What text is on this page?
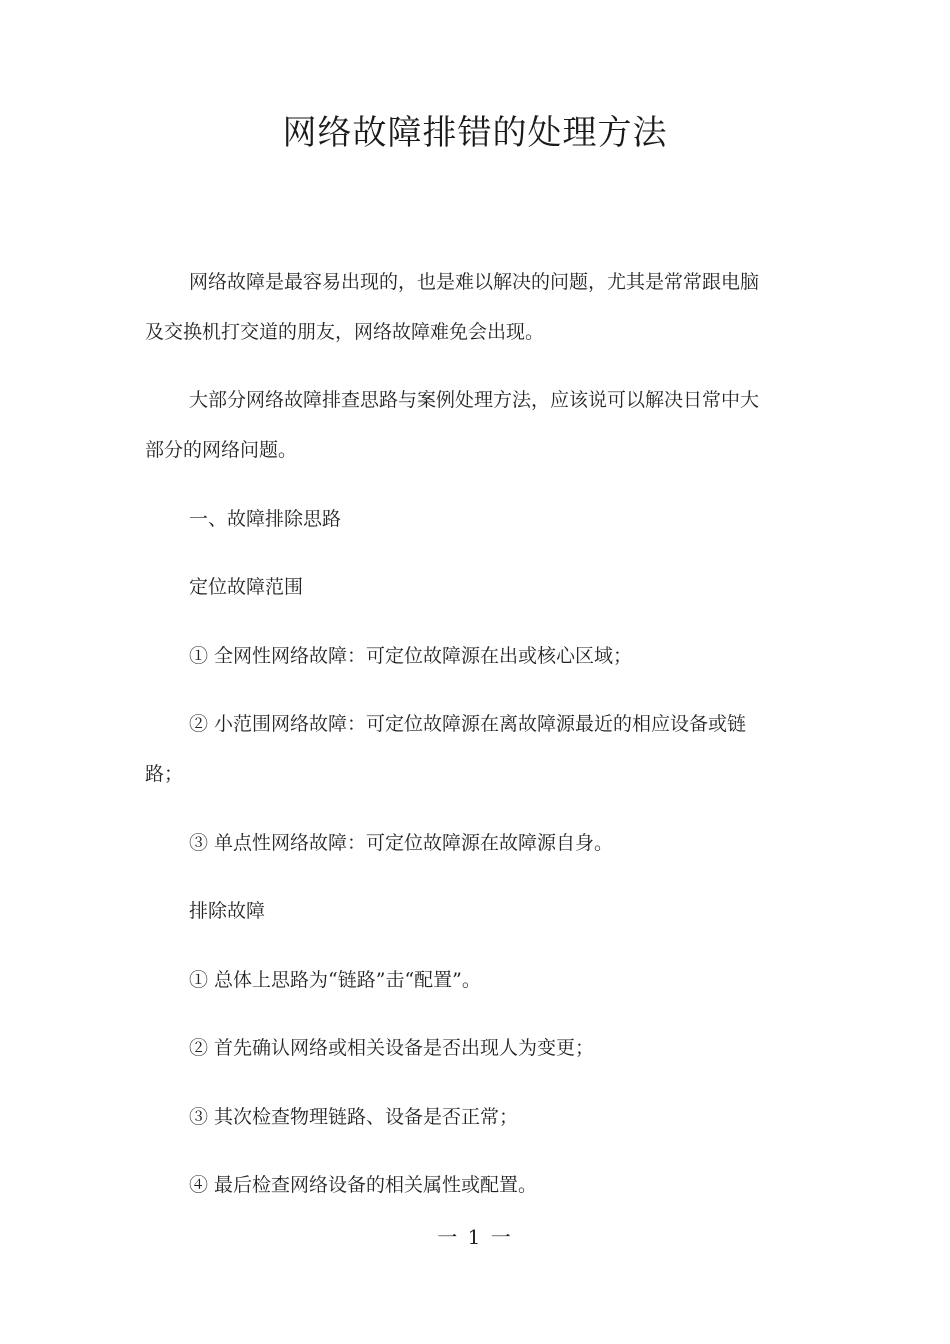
网络故障排错的处理方法

网络故障是最容易出现的，也是难以解决的问题，尤其是常常跟电脑
及交换机打交道的朋友，网络故障难免会出现。

大部分网络故障排查思路与案例处理方法，应该说可以解决日常中大
部分的网络问题。

一、故障排除思路

定位故障范围

① 全网性网络故障：可定位故障源在出或核心区域；

② 小范围网络故障：可定位故障源在离故障源最近的相应设备或链
路；

③ 单点性网络故障：可定位故障源在故障源自身。

排除故障

① 总体上思路为“链路”击“配置”。

② 首先确认网络或相关设备是否出现人为变更；

③ 其次检查物理链路、设备是否正常；

④ 最后检查网络设备的相关属性或配置。

一 1 一
